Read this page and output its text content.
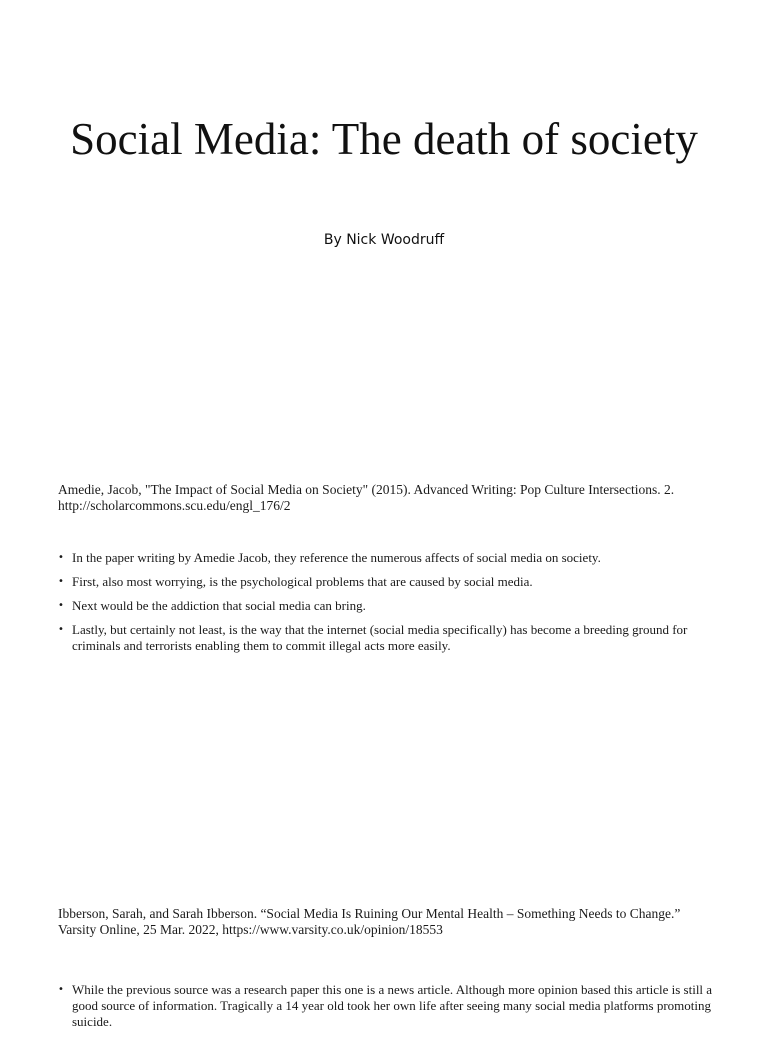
Social Media: The death of society

By Nick Woodruff

Amedie, Jacob, "The Impact of Social Media on Society" (2015). Advanced Writing: Pop Culture Intersections. 2. http://scholarcommons.scu.edu/engl_176/2

• In the paper writing by Amedie Jacob, they reference the numerous affects of social media on society.
• First, also most worrying, is the psychological problems that are caused by social media.
• Next would be the addiction that social media can bring.
• Lastly, but certainly not least, is the way that the internet (social media specifically) has become a breeding ground for criminals and terrorists enabling them to commit illegal acts more easily.

Ibberson, Sarah, and Sarah Ibberson. “Social Media Is Ruining Our Mental Health – Something Needs to Change.” Varsity Online, 25 Mar. 2022, https://www.varsity.co.uk/opinion/18553

• While the previous source was a research paper this one is a news article. Although more opinion based this article is still a good source of information. Tragically a 14 year old took her own life after seeing many social media platforms promoting suicide.
